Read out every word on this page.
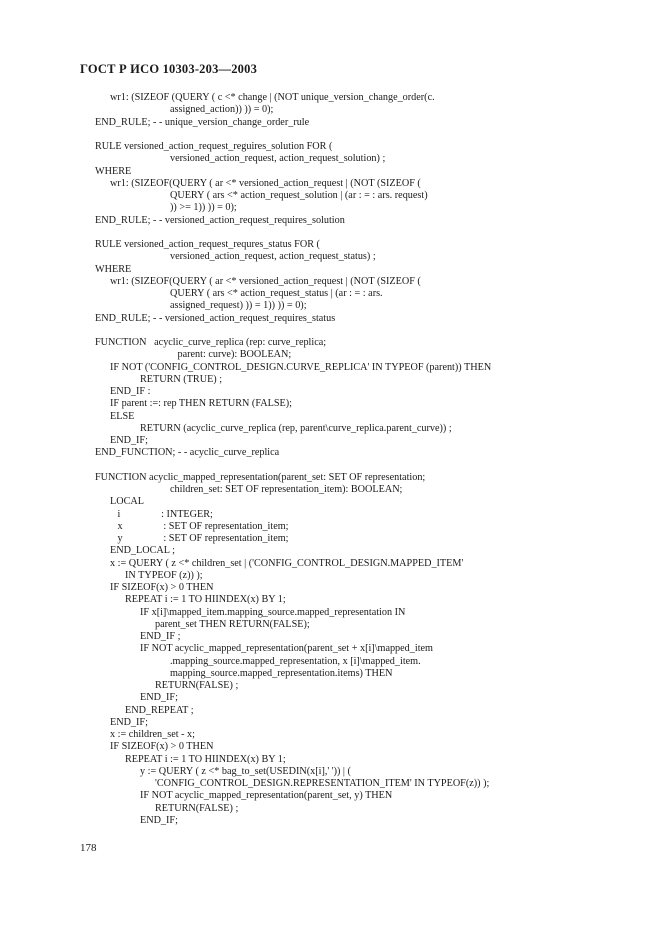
ГОСТ Р ИСО 10303-203—2003
wr1: (SIZEOF (QUERY ( c <* change | (NOT unique_version_change_order(c.
assigned_action)) )) = 0);
END_RULE; - - unique_version_change_order_rule
RULE versioned_action_request_reguires_solution FOR (
versioned_action_request, action_request_solution) ;
WHERE
wr1: (SIZEOF(QUERY ( ar <* versioned_action_request | (NOT (SIZEOF (
QUERY ( ars <* action_request_solution | (ar : = : ars. request)
)) >= 1)) )) = 0);
END_RULE; - - versioned_action_request_requires_solution
RULE versioned_action_request_requres_status FOR (
versioned_action_request, action_request_status) ;
WHERE
wr1: (SIZEOF(QUERY ( ar <* versioned_action_request | (NOT (SIZEOF (
QUERY ( ars <* action_request_status | (ar : = : ars.
assigned_request) )) = 1)) )) = 0);
END_RULE; - - versioned_action_request_requires_status
FUNCTION   acyclic_curve_replica (rep: curve_replica;
parent: curve): BOOLEAN;
IF NOT ('CONFIG_CONTROL_DESIGN.CURVE_REPLICA' IN TYPEOF (parent)) THEN
RETURN (TRUE) ;
END_IF :
IF parent :=: rep THEN RETURN (FALSE);
ELSE
RETURN (acyclic_curve_replica (rep, parent\curve_replica.parent_curve)) ;
END_IF;
END_FUNCTION; - - acyclic_curve_replica
FUNCTION acyclic_mapped_representation(parent_set: SET OF representation;
children_set: SET OF representation_item): BOOLEAN;
LOCAL
i                : INTEGER;
x                : SET OF representation_item;
y                : SET OF representation_item;
END_LOCAL ;
x := QUERY ( z <* children_set | ('CONFIG_CONTROL_DESIGN.MAPPED_ITEM'
IN TYPEOF (z)) );
IF SIZEOF(x) > 0 THEN
REPEAT i := 1 TO HIINDEX(x) BY 1;
IF x[i]\mapped_item.mapping_source.mapped_representation IN
parent_set THEN RETURN(FALSE);
END_IF ;
IF NOT acyclic_mapped_representation(parent_set + x[i]\mapped_item
.mapping_source.mapped_representation, x [i]\mapped_item.
mapping_source.mapped_representation.items) THEN
RETURN(FALSE) ;
END_IF;
END_REPEAT ;
END_IF;
x := children_set - x;
IF SIZEOF(x) > 0 THEN
REPEAT i := 1 TO HIINDEX(x) BY 1;
y := QUERY ( z <* bag_to_set(USEDIN(x[i],' ')) | (
'CONFIG_CONTROL_DESIGN.REPRESENTATION_ITEM' IN TYPEOF(z)) );
IF NOT acyclic_mapped_representation(parent_set, y) THEN
RETURN(FALSE) ;
END_IF;
178
